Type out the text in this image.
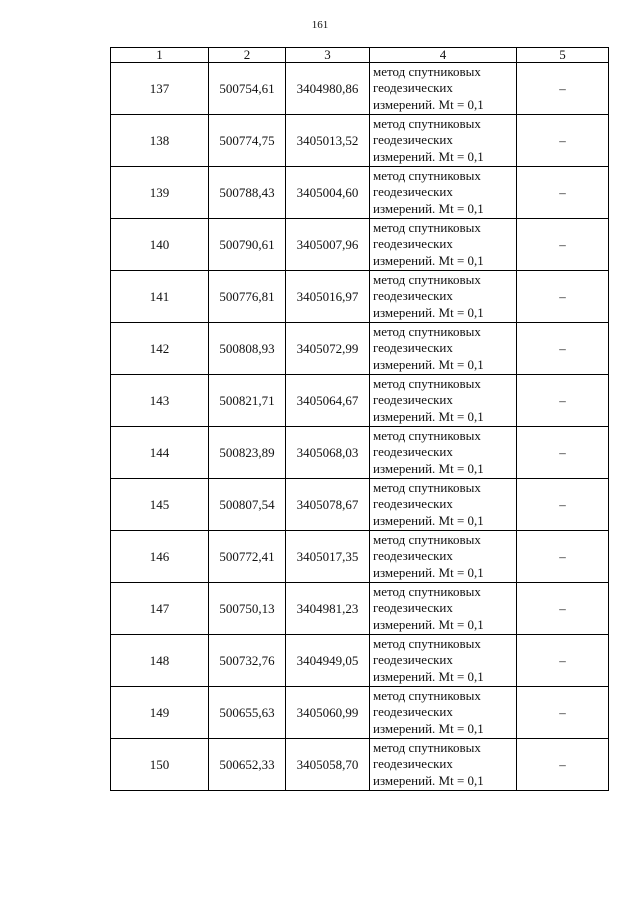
161
1	2	3	4	5
137	500754,61	3404980,86	метод спутниковых
геодезических
измерений. Mt = 0,1	–
138	500774,75	3405013,52	метод спутниковых
геодезических
измерений. Mt = 0,1	–
139	500788,43	3405004,60	метод спутниковых
геодезических
измерений. Mt = 0,1	–
140	500790,61	3405007,96	метод спутниковых
геодезических
измерений. Mt = 0,1	–
141	500776,81	3405016,97	метод спутниковых
геодезических
измерений. Mt = 0,1	–
142	500808,93	3405072,99	метод спутниковых
геодезических
измерений. Mt = 0,1	–
143	500821,71	3405064,67	метод спутниковых
геодезических
измерений. Mt = 0,1	–
144	500823,89	3405068,03	метод спутниковых
геодезических
измерений. Mt = 0,1	–
145	500807,54	3405078,67	метод спутниковых
геодезических
измерений. Mt = 0,1	–
146	500772,41	3405017,35	метод спутниковых
геодезических
измерений. Mt = 0,1	–
147	500750,13	3404981,23	метод спутниковых
геодезических
измерений. Mt = 0,1	–
148	500732,76	3404949,05	метод спутниковых
геодезических
измерений. Mt = 0,1	–
149	500655,63	3405060,99	метод спутниковых
геодезических
измерений. Mt = 0,1	–
150	500652,33	3405058,70	метод спутниковых
геодезических
измерений. Mt = 0,1	–
